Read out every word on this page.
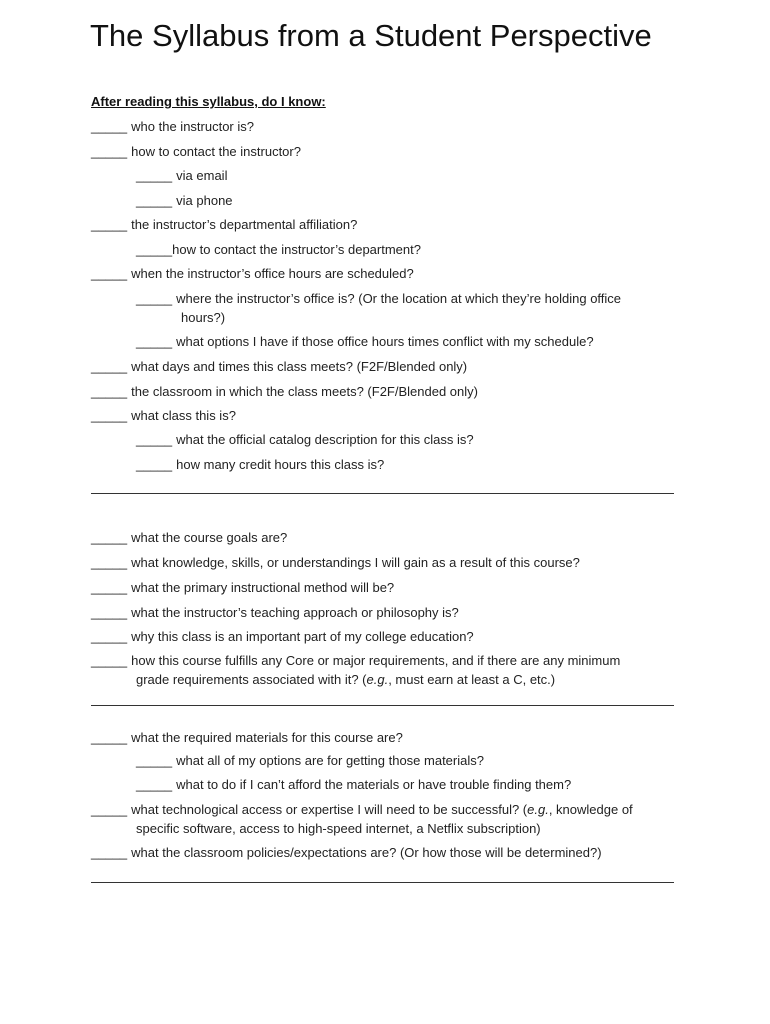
The Syllabus from a Student Perspective
After reading this syllabus, do I know:
_____ who the instructor is?
_____ how to contact the instructor?
_____ via email
_____ via phone
_____ the instructor’s departmental affiliation?
_____how to contact the instructor’s department?
_____ when the instructor’s office hours are scheduled?
_____ where the instructor’s office is? (Or the location at which they’re holding office
hours?)
_____ what options I have if those office hours times conflict with my schedule?
_____ what days and times this class meets? (F2F/Blended only)
_____ the classroom in which the class meets? (F2F/Blended only)
_____ what class this is?
_____ what the official catalog description for this class is?
_____ how many credit hours this class is?
_____ what the course goals are?
_____ what knowledge, skills, or understandings I will gain as a result of this course?
_____ what the primary instructional method will be?
_____ what the instructor’s teaching approach or philosophy is?
_____ why this class is an important part of my college education?
_____ how this course fulfills any Core or major requirements, and if there are any minimum
grade requirements associated with it? (e.g., must earn at least a C, etc.)
_____ what the required materials for this course are?
_____ what all of my options are for getting those materials?
_____ what to do if I can’t afford the materials or have trouble finding them?
_____ what technological access or expertise I will need to be successful? (e.g., knowledge of
specific software, access to high-speed internet, a Netflix subscription)
_____ what the classroom policies/expectations are? (Or how those will be determined?)
